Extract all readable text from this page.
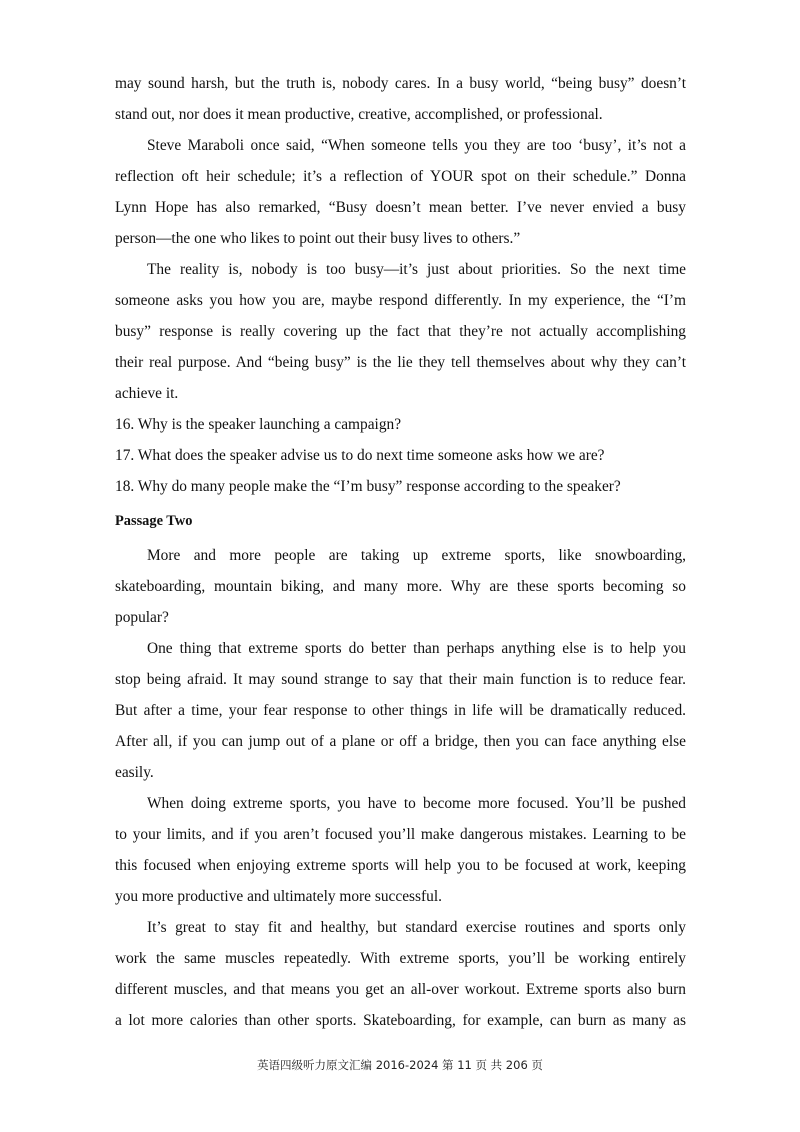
may sound harsh, but the truth is, nobody cares. In a busy world, “being busy” doesn’t
stand out, nor does it mean productive, creative, accomplished, or professional.
Steve Maraboli once said, “When someone tells you they are too ‘busy’, it’s not a
reflection oft heir schedule; it’s a reflection of YOUR spot on their schedule.” Donna
Lynn Hope has also remarked, “Busy doesn’t mean better. I’ve never envied a busy
person—the one who likes to point out their busy lives to others.”
The reality is, nobody is too busy—it’s just about priorities. So the next time
someone asks you how you are, maybe respond differently. In my experience, the “I’m
busy” response is really covering up the fact that they’re not actually accomplishing
their real purpose. And “being busy” is the lie they tell themselves about why they can’t
achieve it.
16. Why is the speaker launching a campaign?
17. What does the speaker advise us to do next time someone asks how we are?
18. Why do many people make the “I’m busy” response according to the speaker?
Passage Two
More and more people are taking up extreme sports, like snowboarding,
skateboarding, mountain biking, and many more. Why are these sports becoming so
popular?
One thing that extreme sports do better than perhaps anything else is to help you
stop being afraid. It may sound strange to say that their main function is to reduce fear.
But after a time, your fear response to other things in life will be dramatically reduced.
After all, if you can jump out of a plane or off a bridge, then you can face anything else
easily.
When doing extreme sports, you have to become more focused. You’ll be pushed
to your limits, and if you aren’t focused you’ll make dangerous mistakes. Learning to be
this focused when enjoying extreme sports will help you to be focused at work, keeping
you more productive and ultimately more successful.
It’s great to stay fit and healthy, but standard exercise routines and sports only
work the same muscles repeatedly. With extreme sports, you’ll be working entirely
different muscles, and that means you get an all-over workout. Extreme sports also burn
a lot more calories than other sports. Skateboarding, for example, can burn as many as
英语四级听力原文汇编 2016-2024 第 11 页 共 206 页
